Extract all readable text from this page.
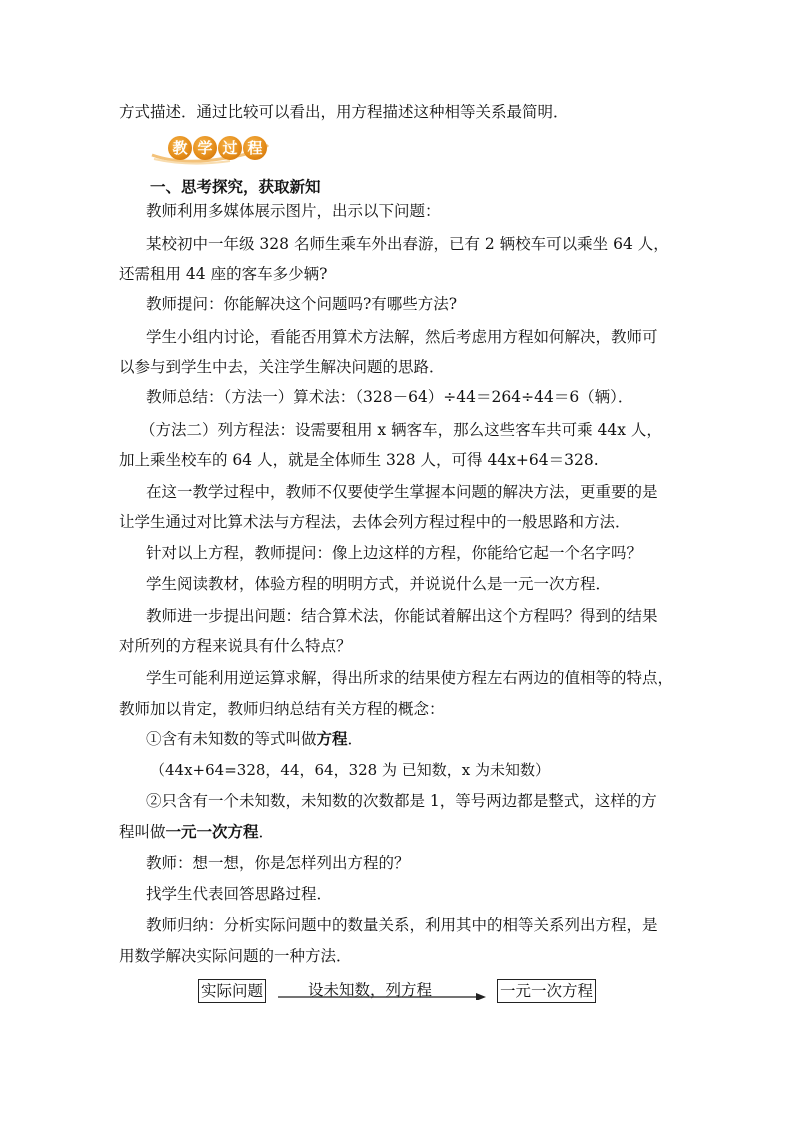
方式描述．通过比较可以看出，用方程描述这种相等关系最简明．
教 学 过 程
一、思考探究，获取新知
教师利用多媒体展示图片，出示以下问题：
某校初中一年级 328 名师生乘车外出春游，已有 2 辆校车可以乘坐 64 人，
还需租用 44 座的客车多少辆?
教师提问：你能解决这个问题吗?有哪些方法?
学生小组内讨论，看能否用算术方法解，然后考虑用方程如何解决，教师可
以参与到学生中去，关注学生解决问题的思路．
教师总结：（方法一）算术法：（328－64）÷44＝264÷44＝6（辆）．
（方法二）列方程法：设需要租用 x 辆客车，那么这些客车共可乘 44x 人，
加上乘坐校车的 64 人，就是全体师生 328 人，可得 44x+64＝328.
在这一教学过程中，教师不仅要使学生掌握本问题的解决方法，更重要的是
让学生通过对比算术法与方程法，去体会列方程过程中的一般思路和方法．
针对以上方程，教师提问：像上边这样的方程，你能给它起一个名字吗？
学生阅读教材，体验方程的明明方式，并说说什么是一元一次方程．
教师进一步提出问题：结合算术法，你能试着解出这个方程吗？得到的结果
对所列的方程来说具有什么特点？
学生可能利用逆运算求解，得出所求的结果使方程左右两边的值相等的特点，
教师加以肯定，教师归纳总结有关方程的概念：
①含有未知数的等式叫做方程．
（44x+64=328，44，64，328 为 已知数，x 为未知数）
②只含有一个未知数，未知数的次数都是 1，等号两边都是整式，这样的方
程叫做一元一次方程．
教师：想一想，你是怎样列出方程的？
找学生代表回答思路过程．
教师归纳：分析实际问题中的数量关系，利用其中的相等关系列出方程，是
用数学解决实际问题的一种方法．
实际问题	设未知数，列方程	一元一次方程
